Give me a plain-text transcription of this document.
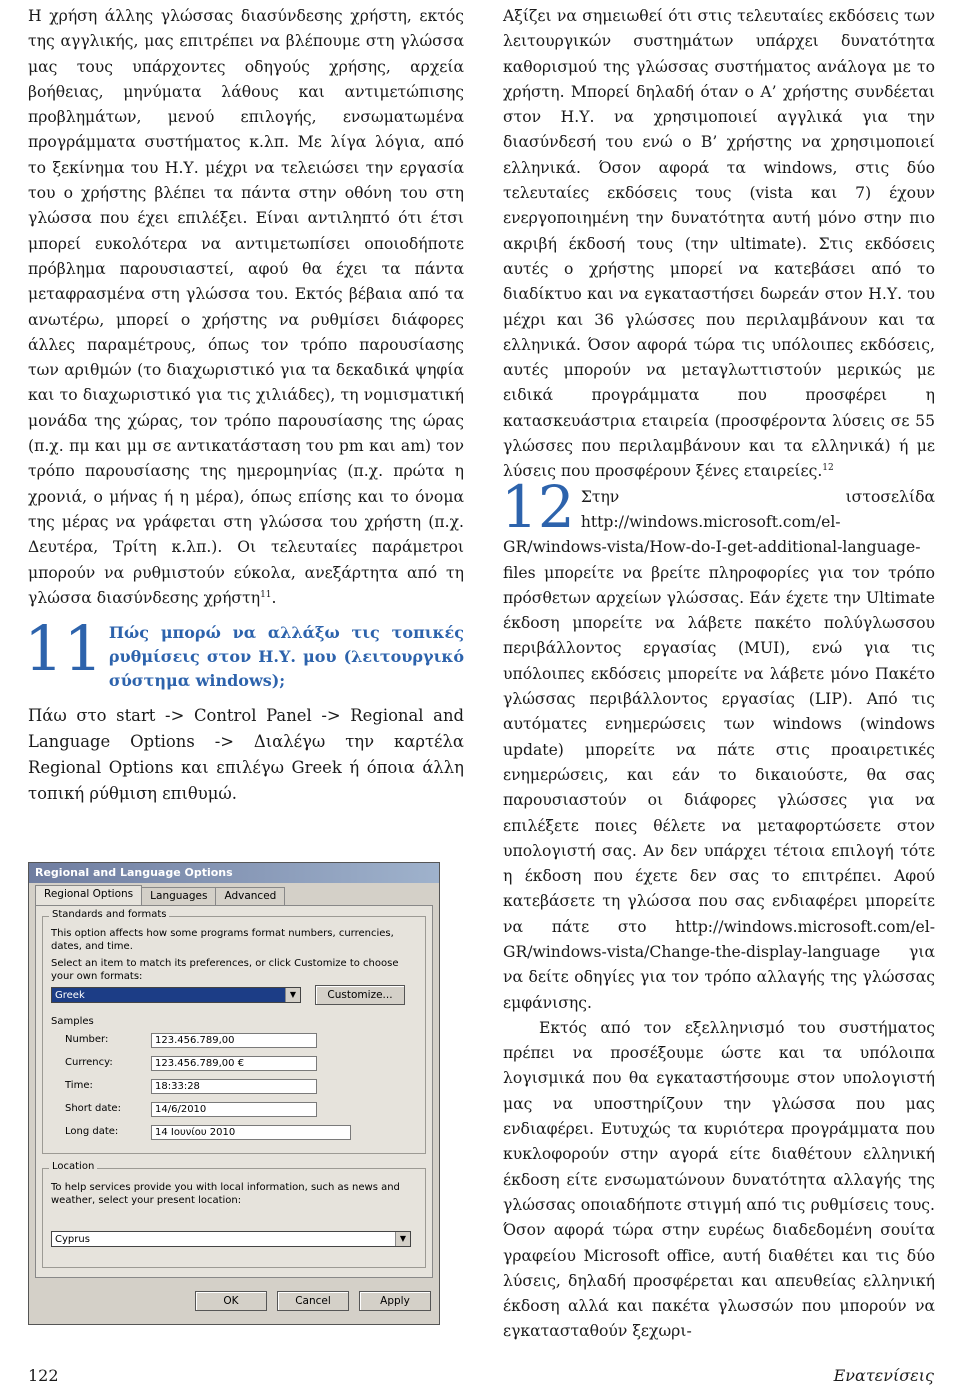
Η χρήση άλλης γλώσσας διασύνδεσης χρήστη, εκτός της αγγλικής, μας επιτρέπει να βλέπουμε στη γλώσσα μας τους υπάρχοντες οδηγούς χρήσης, αρχεία βοήθειας, μηνύματα λάθους και αντιμετώπισης προβλημάτων, μενού επιλογής, ενσωματωμένα προγράμματα συστήματος κ.λπ. Με λίγα λόγια, από το ξεκίνημα του Η.Υ. μέχρι να τελειώσει την εργασία του ο χρήστης βλέπει τα πάντα στην οθόνη του στη γλώσσα που έχει επιλέξει. Είναι αντιληπτό ότι έτσι μπορεί ευκολότερα να αντιμετωπίσει οποιοδήποτε πρόβλημα παρουσιαστεί, αφού θα έχει τα πάντα μεταφρασμένα στη γλώσσα του. Εκτός βέβαια από τα ανωτέρω, μπορεί ο χρήστης να ρυθμίσει διάφορες άλλες παραμέτρους, όπως τον τρόπο παρουσίασης των αριθμών (το διαχωριστικό για τα δεκαδικά ψηφία και το διαχωριστικό για τις χιλιάδες), τη νομισματική μονάδα της χώρας, τον τρόπο παρουσίασης της ώρας (π.χ. πμ και μμ σε αντικατάσταση του pm και am) τον τρόπο παρουσίασης της ημερομηνίας (π.χ. πρώτα η χρονιά, ο μήνας ή η μέρα), όπως επίσης και το όνομα της μέρας να γράφεται στη γλώσσα του χρήστη (π.χ. Δευτέρα, Τρίτη κ.λπ.). Οι τελευταίες παράμετροι μπορούν να ρυθμιστούν εύκολα, ανεξάρτητα από τη γλώσσα διασύνδεσης χρήστη$^{11}$.

11 Πώς μπορώ να αλλάξω τις τοπικές ρυθμίσεις στον Η.Υ. μου (λειτουργικό σύστημα windows);

Πάω στο start -> Control Panel -> Regional and Language Options -> Διαλέγω την καρτέλα Regional Options και επιλέγω Greek ή όποια άλλη τοπική ρύθμιση επιθυμώ.

Regional and Language Options
Regional Options Languages Advanced
Standards and formats
This option affects how some programs format numbers, currencies, dates, and time.
Select an item to match its preferences, or click Customize to choose your own formats:
Greek	▼	Customize...
Samples
Number:	123.456.789,00
Currency:	123.456.789,00 €
Time:	18:33:28
Short date:	14/6/2010
Long date:	14 Ιουνίου 2010
Location
To help services provide you with local information, such as news and weather, select your present location:
Cyprus	▼
OK	Cancel	Apply

Αξίζει να σημειωθεί ότι στις τελευταίες εκδόσεις των λειτουργικών συστημάτων υπάρχει δυνατότητα καθορισμού της γλώσσας συστήματος ανάλογα με το χρήστη. Μπορεί δηλαδή όταν ο Α’ χρήστης συνδέεται στον Η.Υ. να χρησιμοποιεί αγγλικά για την διασύνδεσή του ενώ ο Β’ χρήστης να χρησιμοποιεί ελληνικά. Όσον αφορά τα windows, στις δύο τελευταίες εκδόσεις τους (vista και 7) έχουν ενεργοποιημένη την δυνατότητα αυτή μόνο στην πιο ακριβή έκδοσή τους (την ultimate). Στις εκδόσεις αυτές ο χρήστης μπορεί να κατεβάσει από το διαδίκτυο και να εγκαταστήσει δωρεάν στον Η.Υ. του μέχρι και 36 γλώσσες που περιλαμβάνουν και τα ελληνικά. Όσον αφορά τώρα τις υπόλοιπες εκδόσεις, αυτές μπορούν να μεταγλωττιστούν μερικώς με ειδικά προγράμματα που προσφέρει η κατασκευάστρια εταιρεία (προσφέροντα λύσεις σε 55 γλώσσες που περιλαμβάνουν και τα ελληνικά) ή με λύσεις που προσφέρουν ξένες εταιρείες.$^{12}$

12 Στην ιστοσελίδα http://windows.microsoft.com/el-GR/windows-vista/How-do-I-get-additional-language-files μπορείτε να βρείτε πληροφορίες για τον τρόπο πρόσθετων αρχείων γλώσσας. Εάν έχετε την Ultimate έκδοση μπορείτε να λάβετε πακέτο πολύγλωσσου περιβάλλοντος εργασίας (MUI), ενώ για τις υπόλοιπες εκδόσεις μπορείτε να λάβετε μόνο Πακέτο γλώσσας περιβάλλοντος εργασίας (LIP). Από τις αυτόματες ενημερώσεις των windows (windows update) μπορείτε να πάτε στις προαιρετικές ενημερώσεις, και εάν το δικαιούστε, θα σας παρουσιαστούν οι διάφορες γλώσσες για να επιλέξετε ποιες θέλετε να μεταφορτώσετε στον υπολογιστή σας. Αν δεν υπάρχει τέτοια επιλογή τότε η έκδοση που έχετε δεν σας το επιτρέπει. Αφού κατεβάσετε τη γλώσσα που σας ενδιαφέρει μπορείτε να πάτε στο http://windows.microsoft.com/el-GR/windows-vista/Change-the-display-language για να δείτε οδηγίες για τον τρόπο αλλαγής της γλώσσας εμφάνισης.

Εκτός από τον εξελληνισμό του συστήματος πρέπει να προσέξουμε ώστε και τα υπόλοιπα λογισμικά που θα εγκαταστήσουμε στον υπολογιστή μας να υποστηρίζουν την γλώσσα που μας ενδιαφέρει. Ευτυχώς τα κυριότερα προγράμματα που κυκλοφορούν στην αγορά είτε διαθέτουν ελληνική έκδοση είτε ενσωματώνουν δυνατότητα αλλαγής της γλώσσας οποιαδήποτε στιγμή από τις ρυθμίσεις τους. Όσον αφορά τώρα στην ευρέως διαδεδομένη σουίτα γραφείου Microsoft office, αυτή διαθέτει και τις δύο λύσεις, δηλαδή προσφέρεται και απευθείας ελληνική έκδοση αλλά και πακέτα γλωσσών που μπορούν να εγκατασταθούν ξεχωρι-

122	Ενατενίσεις
